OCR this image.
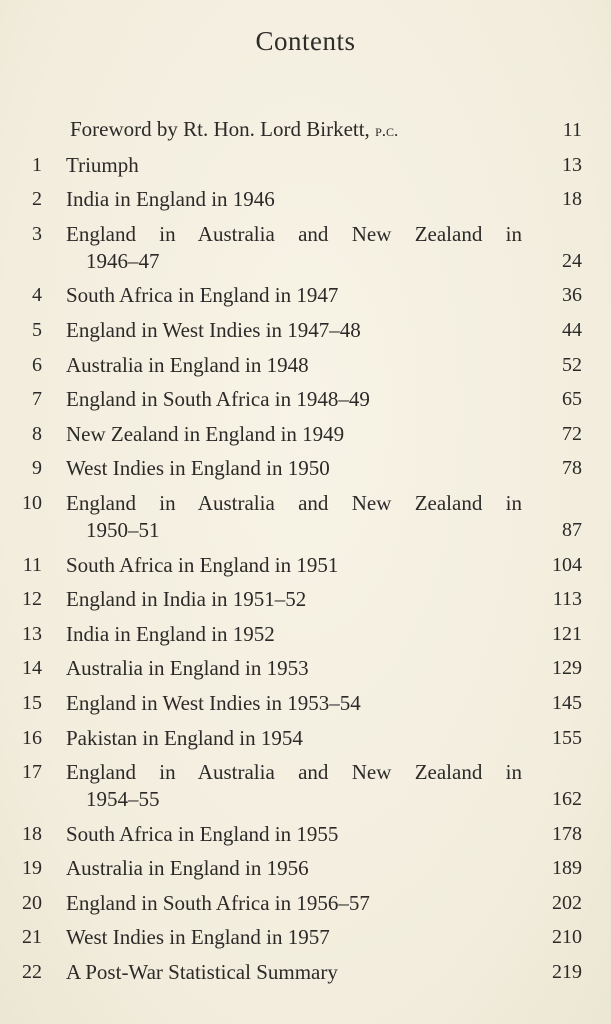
Contents
Foreword by Rt. Hon. Lord Birkett, p.c.	11
1 Triumph	13
2 India in England in 1946	18
3 England in Australia and New Zealand in
1946–47	24
4 South Africa in England in 1947	36
5 England in West Indies in 1947–48	44
6 Australia in England in 1948	52
7 England in South Africa in 1948–49	65
8 New Zealand in England in 1949	72
9 West Indies in England in 1950	78
10 England in Australia and New Zealand in
1950–51	87
11 South Africa in England in 1951	104
12 England in India in 1951–52	113
13 India in England in 1952	121
14 Australia in England in 1953	129
15 England in West Indies in 1953–54	145
16 Pakistan in England in 1954	155
17 England in Australia and New Zealand in
1954–55	162
18 South Africa in England in 1955	178
19 Australia in England in 1956	189
20 England in South Africa in 1956–57	202
21 West Indies in England in 1957	210
22 A Post-War Statistical Summary	219
